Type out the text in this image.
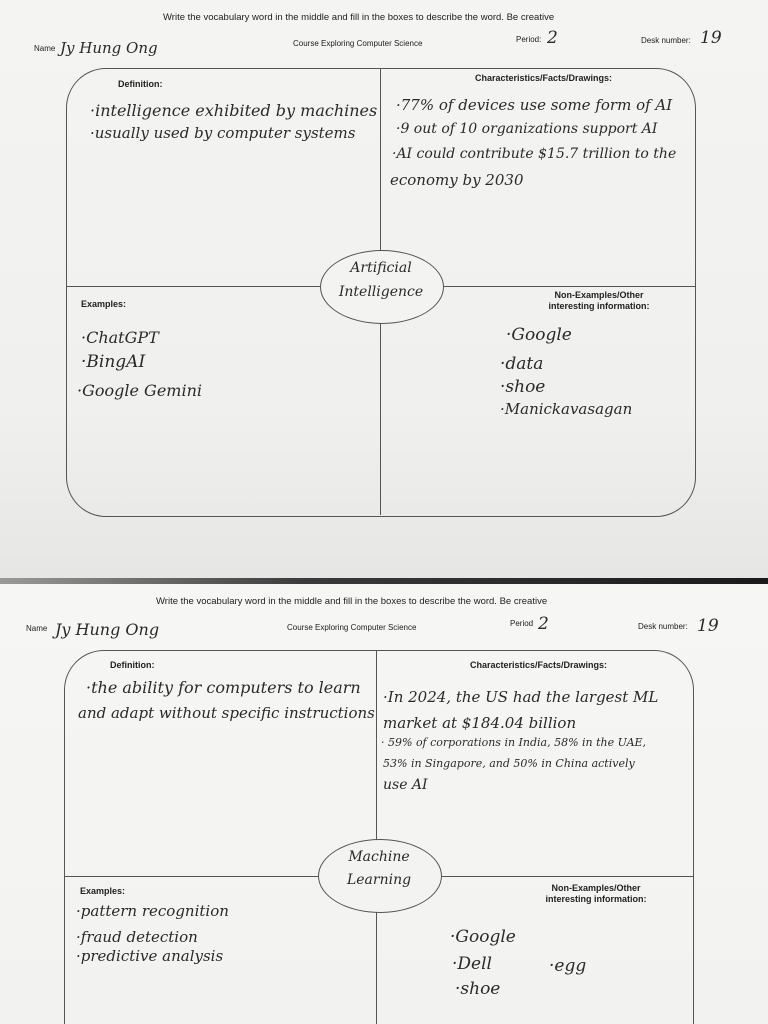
Write the vocabulary word in the middle and fill in the boxes to describe the word. Be creative
Name Jy Hung Ong	Course Exploring Computer Science	Period: 2	Desk number: 19
Definition:
Characteristics/Facts/Drawings:
Examples:
Non-Examples/Other
interesting information:
·intelligence exhibited by machines
·usually used by computer systems
·77% of devices use some form of AI
·9 out of 10 organizations support AI
·AI could contribute $15.7 trillion to the
economy by 2030
·ChatGPT
·BingAI
·Google Gemini
·Google
·data
·shoe
·Manickavasagan
Artificial
Intelligence
Write the vocabulary word in the middle and fill in the boxes to describe the word. Be creative
Name Jy Hung Ong	Course Exploring Computer Science	Period 2	Desk number: 19
Definition:	Characteristics/Facts/Drawings:
Examples:	Non-Examples/Other
interesting information:
·the ability for computers to learn
and adapt without specific instructions
·In 2024, the US had the largest ML
market at $184.04 billion
· 59% of corporations in India, 58% in the UAE,
53% in Singapore, and 50% in China actively
use AI
·pattern recognition
·fraud detection
·predictive analysis
·Google
·Dell	·egg
·shoe
Machine
Learning
